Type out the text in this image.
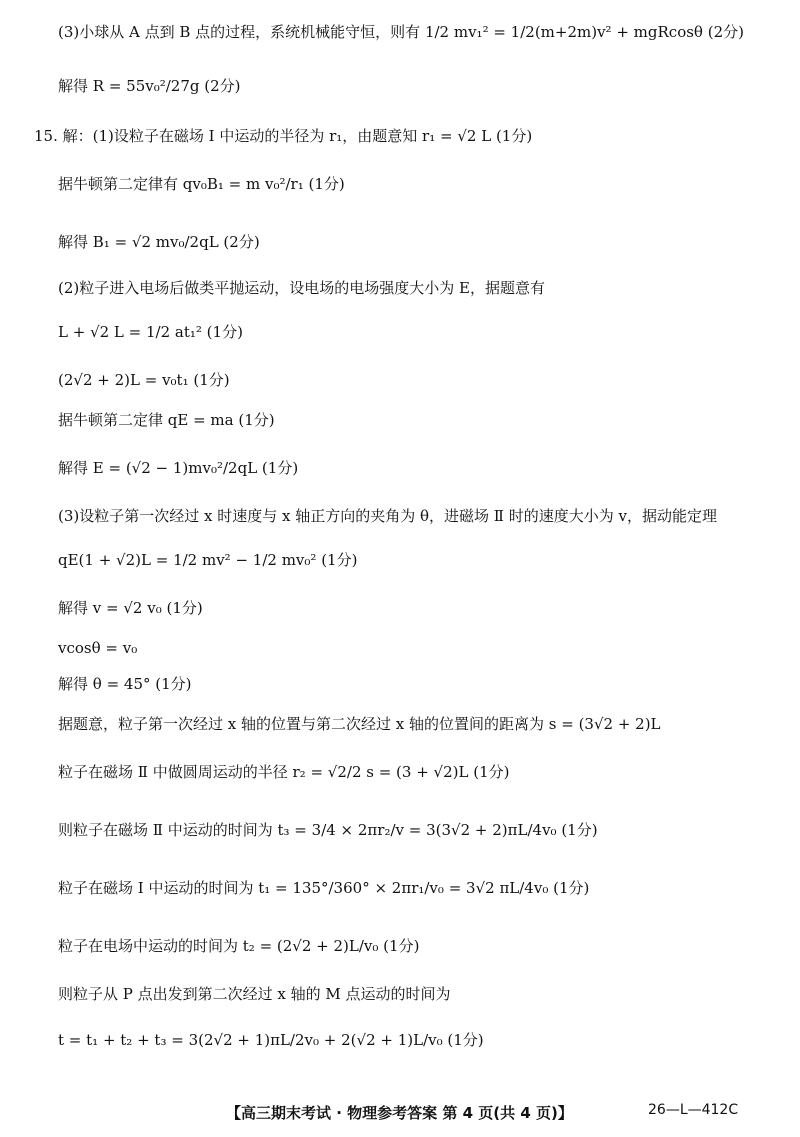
(3)小球从 A 点到 B 点的过程，系统机械能守恒，则有 1/2 mv₁² = 1/2(m+2m)v² + mgRcosθ (2分)
解得 R = 55v₀²/27g (2分)
15. 解：(1)设粒子在磁场 Ⅰ 中运动的半径为 r₁，由题意知 r₁ = √2 L (1分)
据牛顿第二定律有 qv₀B₁ = m v₀²/r₁ (1分)
解得 B₁ = √2 mv₀/2qL (2分)
(2)粒子进入电场后做类平抛运动，设电场的电场强度大小为 E，据题意有
L + √2 L = 1/2 at₁² (1分)
(2√2 + 2)L = v₀t₁ (1分)
据牛顿第二定律 qE = ma (1分)
解得 E = (√2 − 1)mv₀²/2qL (1分)
(3)设粒子第一次经过 x 时速度与 x 轴正方向的夹角为 θ，进磁场 Ⅱ 时的速度大小为 v，据动能定理
qE(1 + √2)L = 1/2 mv² − 1/2 mv₀² (1分)
解得 v = √2 v₀ (1分)
vcosθ = v₀
解得 θ = 45° (1分)
据题意，粒子第一次经过 x 轴的位置与第二次经过 x 轴的位置间的距离为 s = (3√2 + 2)L
粒子在磁场 Ⅱ 中做圆周运动的半径 r₂ = √2/2 s = (3 + √2)L (1分)
则粒子在磁场 Ⅱ 中运动的时间为 t₃ = 3/4 × 2πr₂/v = 3(3√2 + 2)πL/4v₀ (1分)
粒子在磁场 Ⅰ 中运动的时间为 t₁ = 135°/360° × 2πr₁/v₀ = 3√2 πL/4v₀ (1分)
粒子在电场中运动的时间为 t₂ = (2√2 + 2)L/v₀ (1分)
则粒子从 P 点出发到第二次经过 x 轴的 M 点运动的时间为
t = t₁ + t₂ + t₃ = 3(2√2 + 1)πL/2v₀ + 2(√2 + 1)L/v₀ (1分)
【高三期末考试 · 物理参考答案 第 4 页(共 4 页)】	26—L—412C
